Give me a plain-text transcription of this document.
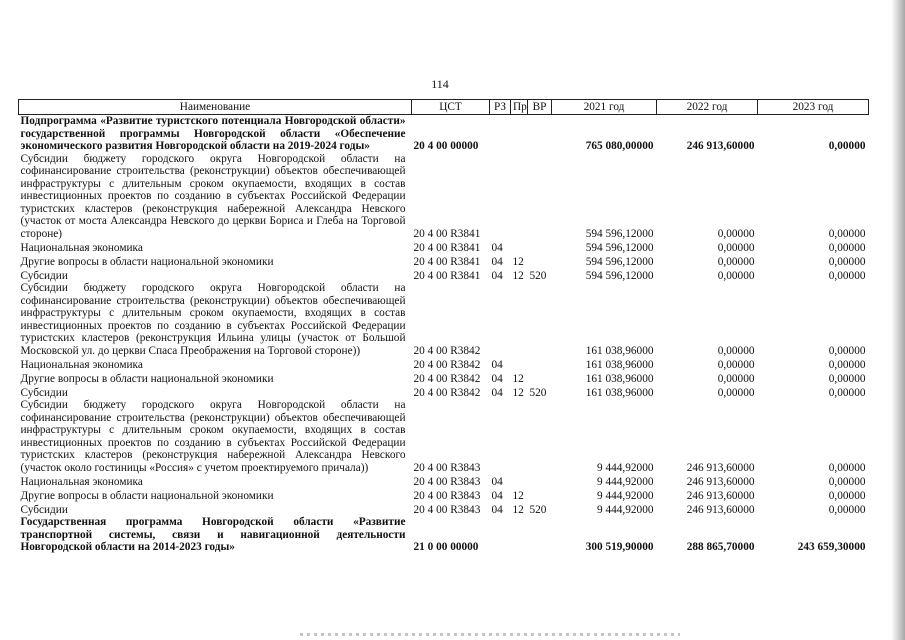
114
Наименование	ЦСТ	РЗ	Пр	ВР	2021 год	2022 год	2023 год
Подпрограмма «Развитие туристского потенциала Новгородской области» государственной программы Новгородской области «Обеспечение экономического развития Новгородской области на 2019-2024 годы»	20 4 00 00000				765 080,00000	246 913,60000	0,00000
Субсидии бюджету городского округа Новгородской области на софинансирование строительства (реконструкции) объектов обеспечивающей инфраструктуры с длительным сроком окупаемости, входящих в состав инвестиционных проектов по созданию в субъектах Российской Федерации туристских кластеров (реконструкция набережной Александра Невского (участок от моста Александра Невского до церкви Бориса и Глеба на Торговой стороне)	20 4 00 R3841				594 596,12000	0,00000	0,00000
Национальная экономика	20 4 00 R3841	04			594 596,12000	0,00000	0,00000
Другие вопросы в области национальной экономики	20 4 00 R3841	04	12		594 596,12000	0,00000	0,00000
Субсидии	20 4 00 R3841	04	12	520	594 596,12000	0,00000	0,00000
Субсидии бюджету городского округа Новгородской области на софинансирование строительства (реконструкции) объектов обеспечивающей инфраструктуры с длительным сроком окупаемости, входящих в состав инвестиционных проектов по созданию в субъектах Российской Федерации туристских кластеров (реконструкция Ильина улицы (участок от Большой Московской ул. до церкви Спаса Преображения на Торговой стороне))	20 4 00 R3842				161 038,96000	0,00000	0,00000
Национальная экономика	20 4 00 R3842	04			161 038,96000	0,00000	0,00000
Другие вопросы в области национальной экономики	20 4 00 R3842	04	12		161 038,96000	0,00000	0,00000
Субсидии	20 4 00 R3842	04	12	520	161 038,96000	0,00000	0,00000
Субсидии бюджету городского округа Новгородской области на софинансирование строительства (реконструкции) объектов обеспечивающей инфраструктуры с длительным сроком окупаемости, входящих в состав инвестиционных проектов по созданию в субъектах Российской Федерации туристских кластеров (реконструкция набережной Александра Невского (участок около гостиницы «Россия» с учетом проектируемого причала))	20 4 00 R3843				9 444,92000	246 913,60000	0,00000
Национальная экономика	20 4 00 R3843	04			9 444,92000	246 913,60000	0,00000
Другие вопросы в области национальной экономики	20 4 00 R3843	04	12		9 444,92000	246 913,60000	0,00000
Субсидии	20 4 00 R3843	04	12	520	9 444,92000	246 913,60000	0,00000
Государственная программа Новгородской области «Развитие транспортной системы, связи и навигационной деятельности Новгородской области на 2014-2023 годы»	21 0 00 00000				300 519,90000	288 865,70000	243 659,30000
